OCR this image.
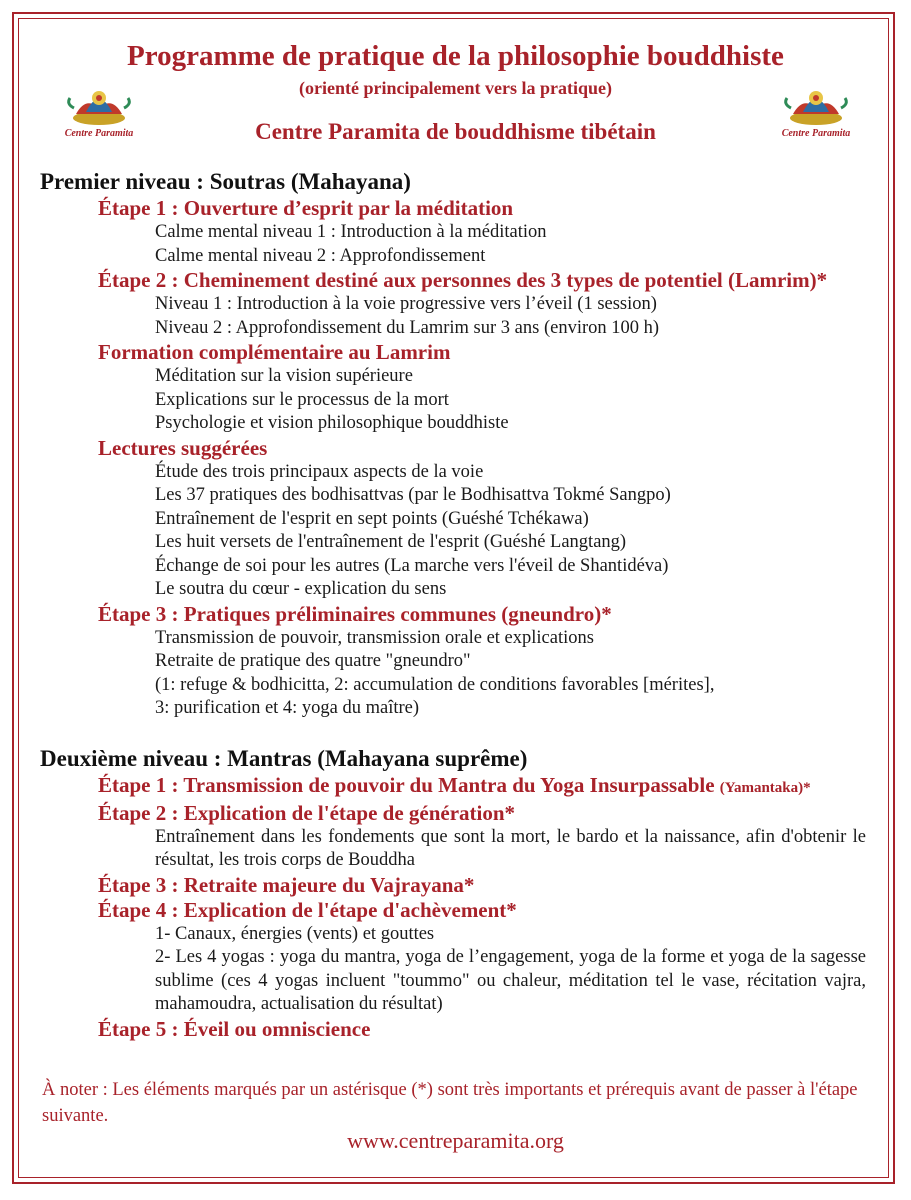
Programme de pratique de la philosophie bouddhiste
(orienté principalement vers la pratique)
Centre Paramita de bouddhisme tibétain
Centre Paramita	Centre Paramita

Premier niveau : Soutras (Mahayana)

Étape 1 : Ouverture d’esprit par la méditation

Calme mental niveau 1 : Introduction à la méditation
Calme mental niveau 2 : Approfondissement

Étape 2 : Cheminement destiné aux personnes des 3 types de potentiel (Lamrim)*

Niveau 1 : Introduction à la voie progressive vers l’éveil (1 session)
Niveau 2 : Approfondissement du Lamrim sur 3 ans (environ 100 h)

Formation complémentaire au Lamrim

Méditation sur la vision supérieure
Explications sur le processus de la mort
Psychologie et vision philosophique bouddhiste

Lectures suggérées

Étude des trois principaux aspects de la voie
Les 37 pratiques des bodhisattvas (par le Bodhisattva Tokmé Sangpo)
Entraînement de l'esprit en sept points (Guéshé Tchékawa)
Les huit versets de l'entraînement de l'esprit (Guéshé Langtang)
Échange de soi pour les autres (La marche vers l'éveil de Shantidéva)
Le soutra du cœur - explication du sens

Étape 3 : Pratiques préliminaires communes (gneundro)*

Transmission de pouvoir, transmission orale et explications
Retraite de pratique des quatre "gneundro"
(1: refuge & bodhicitta, 2: accumulation de conditions favorables [mérites],
3: purification et 4: yoga du maître)

Deuxième niveau : Mantras (Mahayana suprême)

Étape 1 : Transmission de pouvoir du Mantra du Yoga Insurpassable (Yamantaka)*

Étape 2 : Explication de l'étape de génération*

Entraînement dans les fondements que sont la mort, le bardo et la naissance, afin d'obtenir le résultat, les trois corps de Bouddha

Étape 3 : Retraite majeure du Vajrayana*

Étape 4 : Explication de l'étape d'achèvement*

1- Canaux, énergies (vents) et gouttes
2- Les 4 yogas : yoga du mantra, yoga de l’engagement, yoga de la forme et yoga de la sagesse sublime (ces 4 yogas incluent "toummo" ou chaleur, méditation tel le vase, récitation vajra, mahamoudra, actualisation du résultat)

Étape 5 : Éveil ou omniscience

À noter : Les éléments marqués par un astérisque (*) sont très importants et prérequis avant de passer à l'étape suivante.
www.centreparamita.org
